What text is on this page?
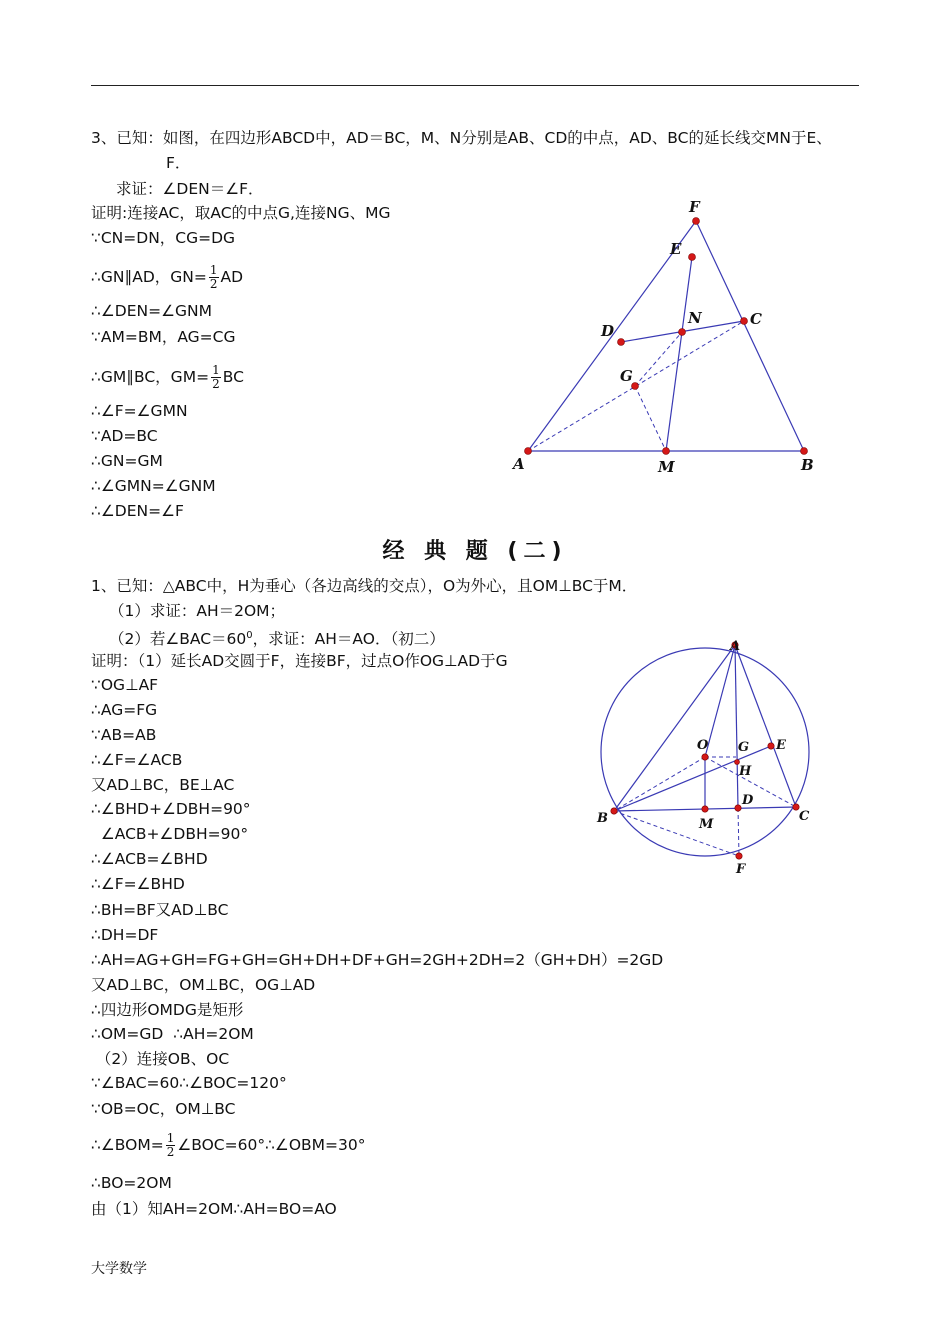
3、已知：如图，在四边形ABCD中，AD＝BC，M、N分别是AB、CD的中点，AD、BC的延长线交MN于E、
F．
求证：∠DEN＝∠F．
证明:连接AC，取AC的中点G,连接NG、MG
∵CN=DN，CG=DG
∴GN∥AD，$GN= \frac{1}{2}$ AD
∴∠DEN=∠GNM
∵AM=BM，AG=CG
∴GM∥BC，$GM= \frac{1}{2}$ BC
∴∠F=∠GMN
∵AD=BC
∴GN=GM
∴∠GMN=∠GNM
∴∠DEN=∠F
F
E
N	C
D
G
A	M	B
经 典 题 (二)
1、已知：△ABC中，H为垂心（各边高线的交点），O为外心，且OM⊥BC于M．
（1）求证：AH＝2OM；
（2）若$\angle BAC=60^0$，求证：AH＝AO．（初二）
证明：（1）延长AD交圆于F，连接BF，过点O作OG⊥AD于G
∵OG⊥AF
∴AG=FG
∵AB=AB
∴∠F=∠ACB
又AD⊥BC，BE⊥AC
∴∠BHD+∠DBH=90°
∠ACB+∠DBH=90°
∴∠ACB=∠BHD
∴∠F=∠BHD
∴BH=BF又AD⊥BC
∴DH=DF
∴AH=AG+GH=FG+GH=GH+DH+DF+GH=2GH+2DH=2（GH+DH）=2GD
又AD⊥BC，OM⊥BC，OG⊥AD
∴四边形OMDG是矩形
∴OM=GD  ∴AH=2OM
（2）连接OB、OC
∵∠BAC=60∴∠BOC=120°
∵OB=OC，OM⊥BC
∴∠BOM= $\frac{1}{2}$ ∠BOC=60°∴∠OBM=30°
∴BO=2OM
由（1）知AH=2OM∴AH=BO=AO
A
O G E
H
D
B	M
C
F
大学数学
